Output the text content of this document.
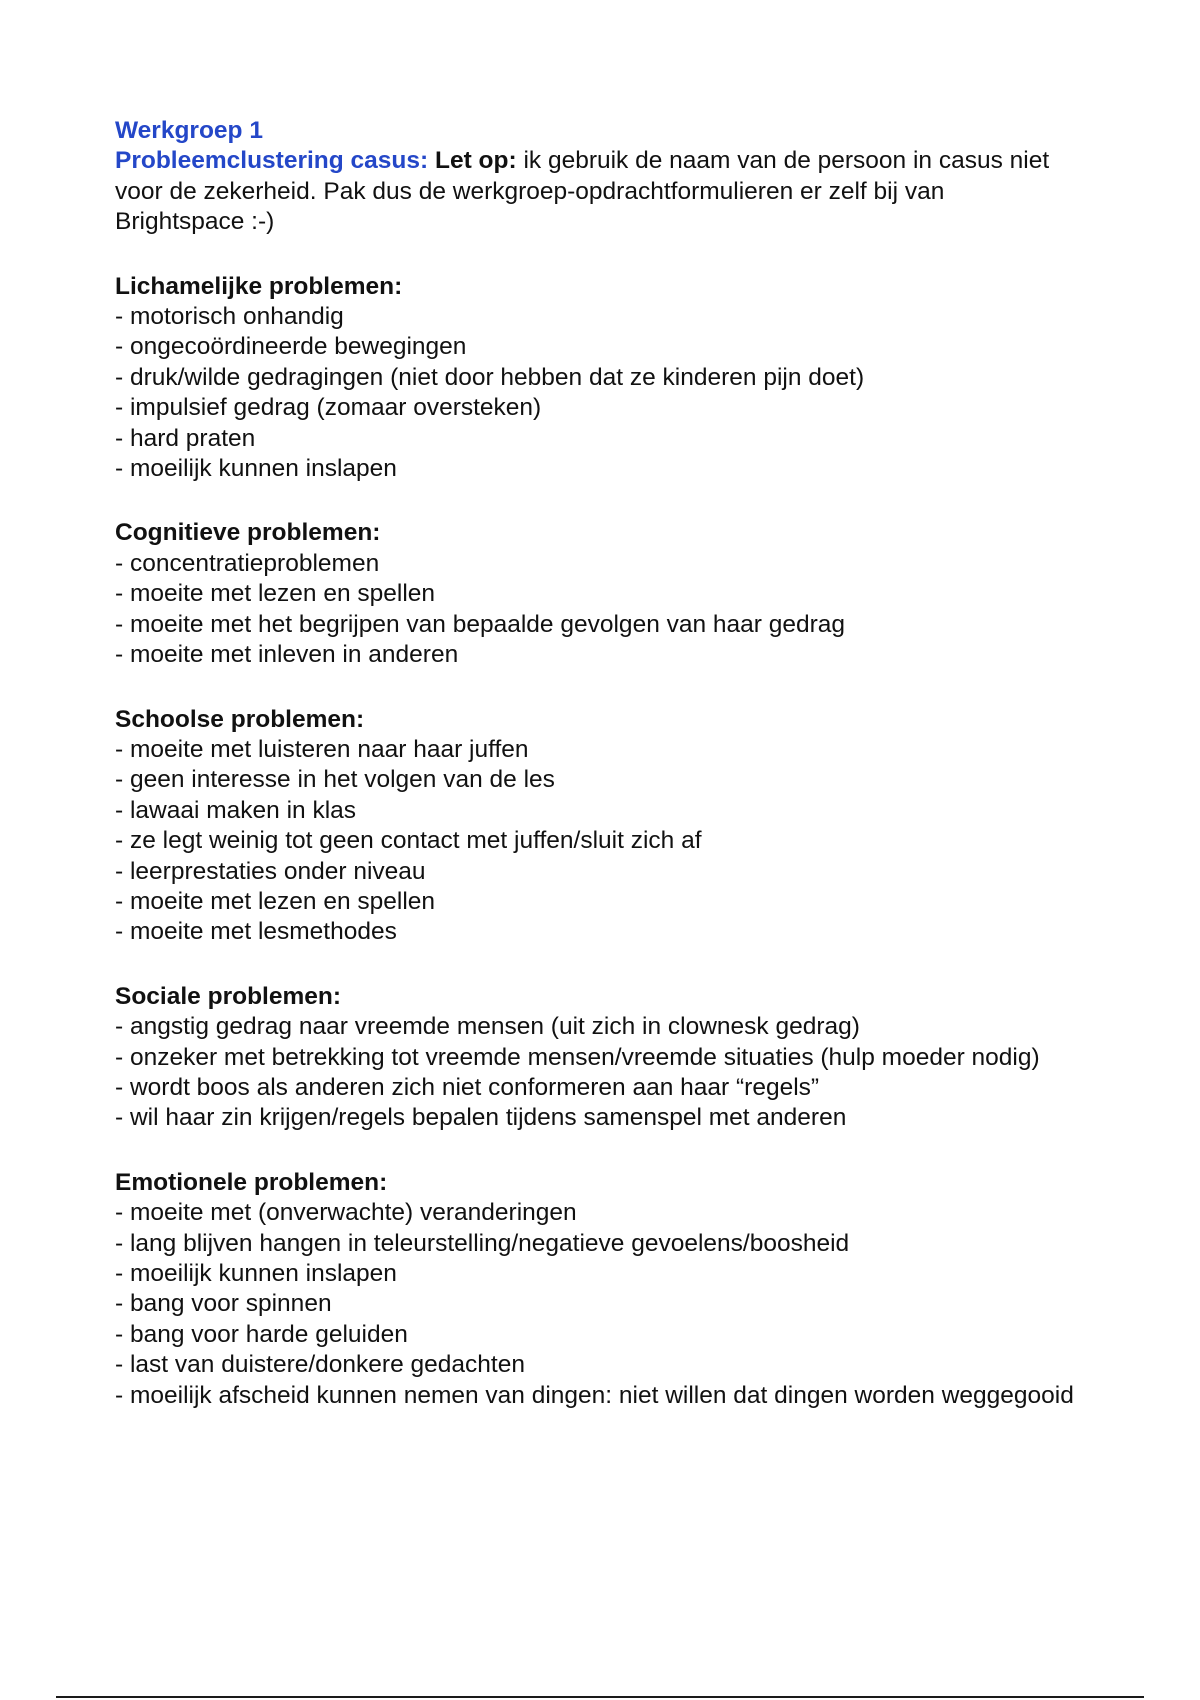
Werkgroep 1

Probleemclustering casus: Let op: ik gebruik de naam van de persoon in casus niet voor de zekerheid. Pak dus de werkgroep-opdrachtformulieren er zelf bij van Brightspace :-)

Lichamelijke problemen:

- motorisch onhandig
- ongecoördineerde bewegingen
- druk/wilde gedragingen (niet door hebben dat ze kinderen pijn doet)
- impulsief gedrag (zomaar oversteken)
- hard praten
- moeilijk kunnen inslapen

Cognitieve problemen:

- concentratieproblemen
- moeite met lezen en spellen
- moeite met het begrijpen van bepaalde gevolgen van haar gedrag
- moeite met inleven in anderen

Schoolse problemen:

- moeite met luisteren naar haar juffen
- geen interesse in het volgen van de les
- lawaai maken in klas
- ze legt weinig tot geen contact met juffen/sluit zich af
- leerprestaties onder niveau
- moeite met lezen en spellen
- moeite met lesmethodes

Sociale problemen:

- angstig gedrag naar vreemde mensen (uit zich in clownesk gedrag)
- onzeker met betrekking tot vreemde mensen/vreemde situaties (hulp moeder nodig)
- wordt boos als anderen zich niet conformeren aan haar “regels”
- wil haar zin krijgen/regels bepalen tijdens samenspel met anderen

Emotionele problemen:

- moeite met (onverwachte) veranderingen
- lang blijven hangen in teleurstelling/negatieve gevoelens/boosheid
- moeilijk kunnen inslapen
- bang voor spinnen
- bang voor harde geluiden
- last van duistere/donkere gedachten
- moeilijk afscheid kunnen nemen van dingen: niet willen dat dingen worden weggegooid
